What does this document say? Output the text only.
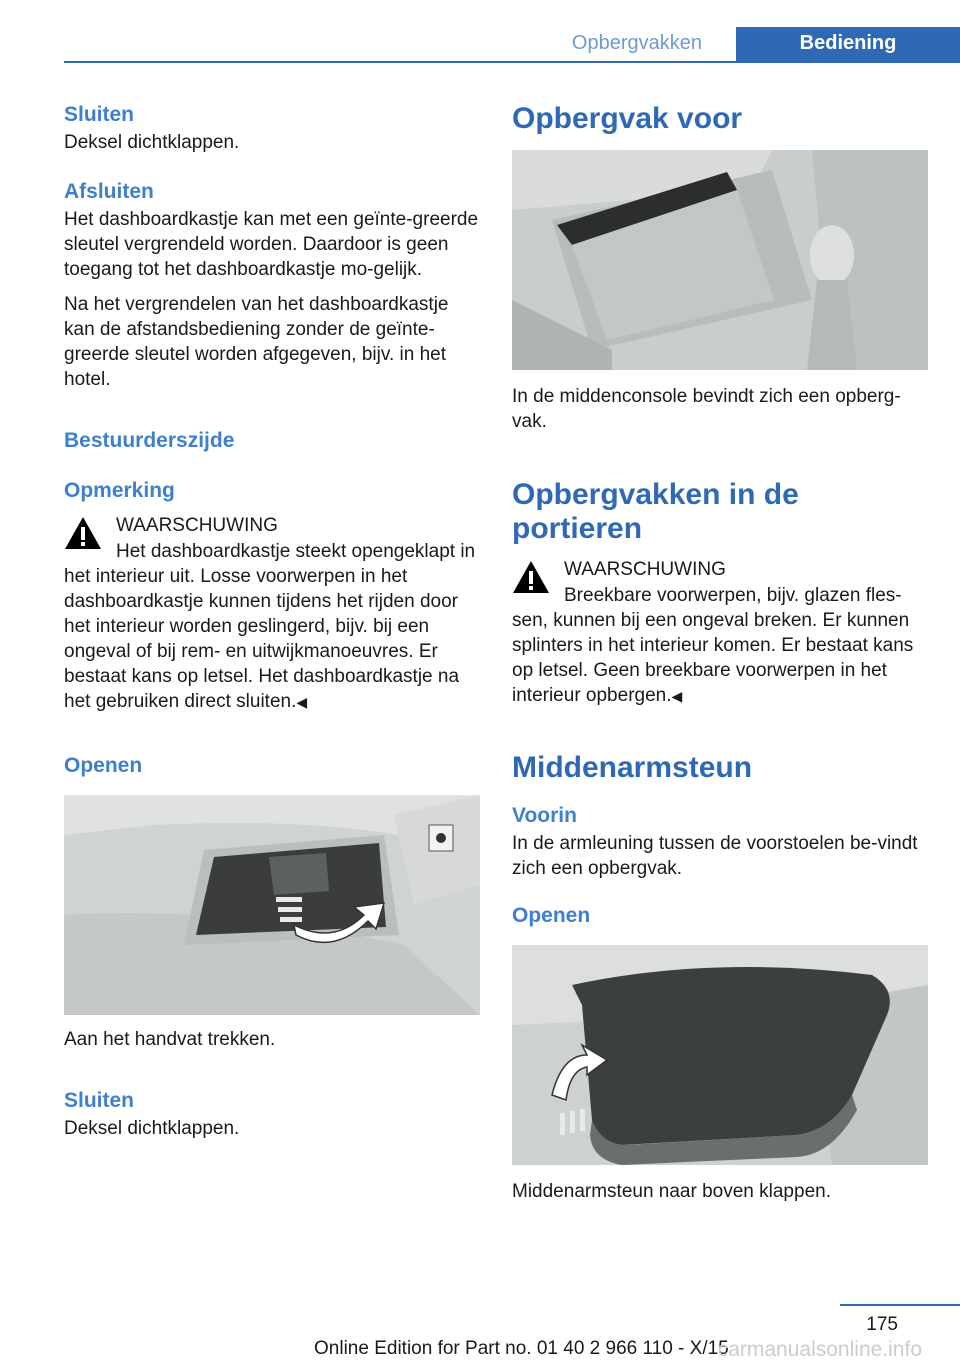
Opbergvakken	Bediening
Sluiten

Deksel dichtklappen.

Afsluiten

Het dashboardkastje kan met een geïnte-greerde sleutel vergrendeld worden. Daardoor is geen toegang tot het dashboardkastje mo-gelijk.

Na het vergrendelen van het dashboardkastje kan de afstandsbediening zonder de geïnte-greerde sleutel worden afgegeven, bijv. in het hotel.

Bestuurderszijde
Opmerking
WAARSCHUWING

Het dashboardkastje steekt opengeklapt in het interieur uit. Losse voorwerpen in het dashboardkastje kunnen tijdens het rijden door het interieur worden geslingerd, bijv. bij een ongeval of bij rem- en uitwijkmanoeuvres. Er bestaat kans op letsel. Het dashboardkastje na het gebruiken direct sluiten.◀

Openen

Aan het handvat trekken.

Sluiten

Deksel dichtklappen.

Opbergvak voor

In de middenconsole bevindt zich een opberg-vak.

Opbergvakken in de portieren
WAARSCHUWING

Breekbare voorwerpen, bijv. glazen fles-sen, kunnen bij een ongeval breken. Er kunnen splinters in het interieur komen. Er bestaat kans op letsel. Geen breekbare voorwerpen in het interieur opbergen.◀

Middenarmsteun
Voorin

In de armleuning tussen de voorstoelen be-vindt zich een opbergvak.

Openen

Middenarmsteun naar boven klappen.

175
Online Edition for Part no. 01 40 2 966 110 - X/15
carmanualsonline.info
